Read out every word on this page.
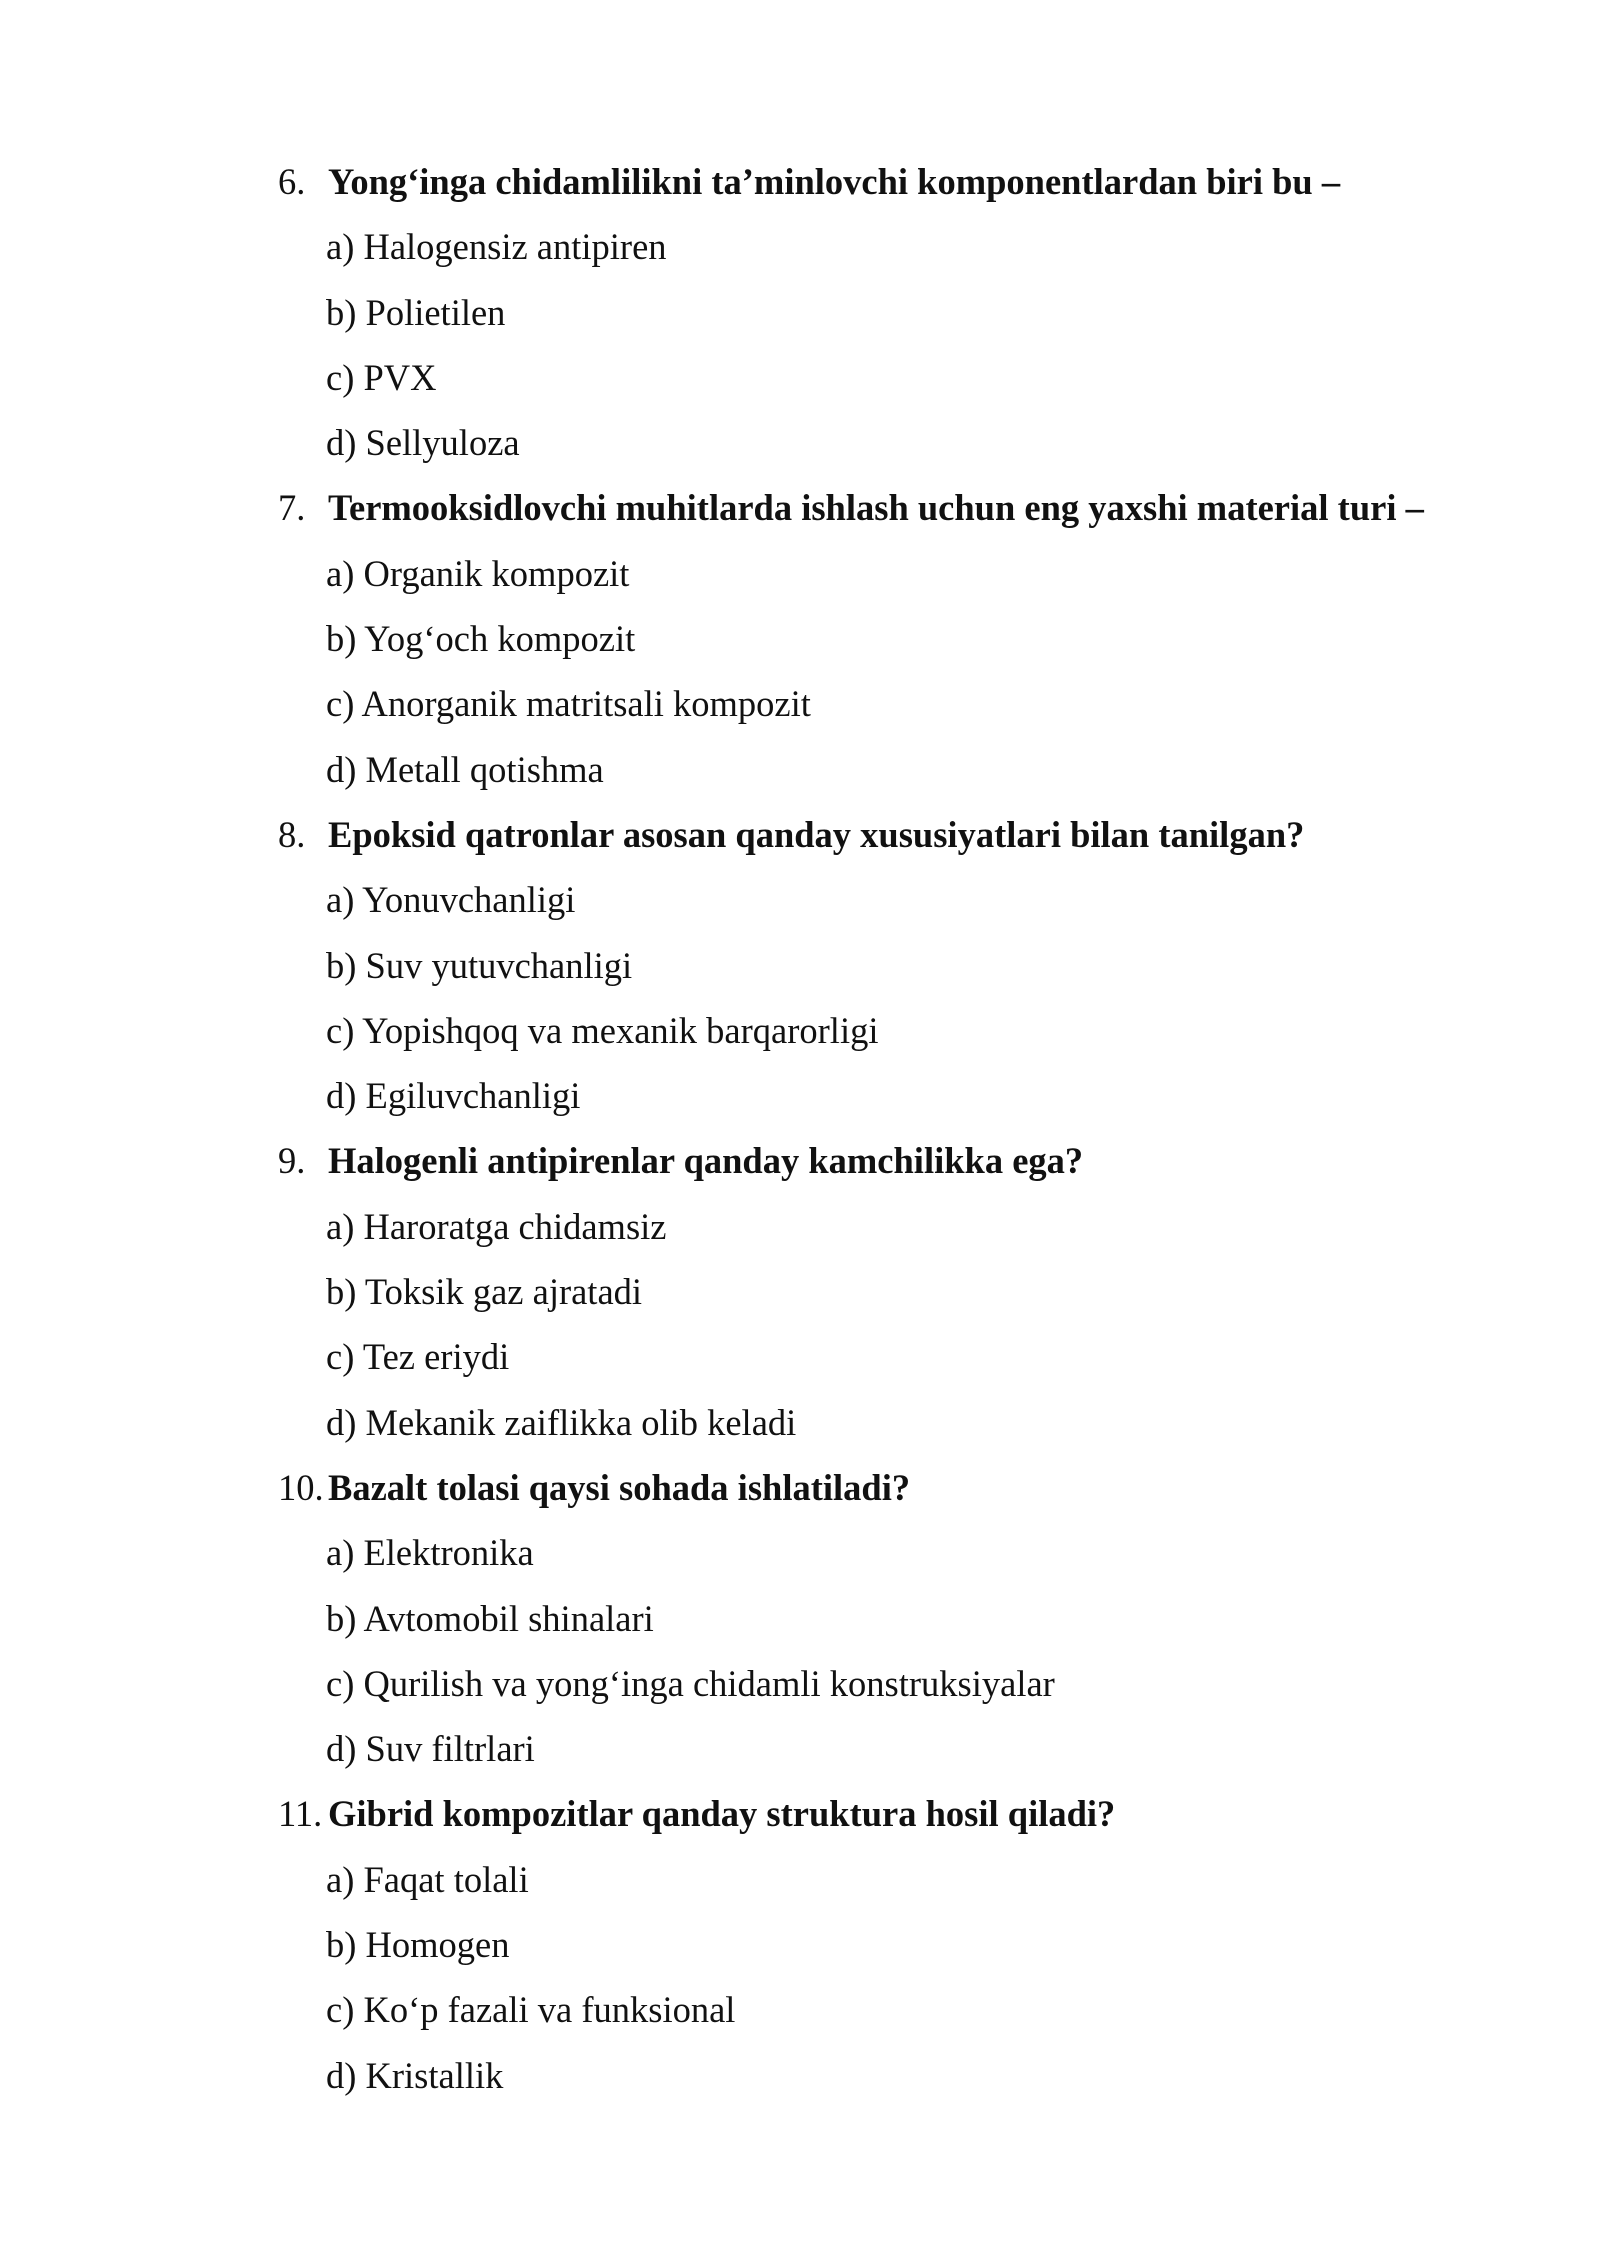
6. Yong‘inga chidamlilikni ta’minlovchi komponentlardan biri bu –
a) Halogensiz antipiren
b) Polietilen
c) PVX
d) Sellyuloza
7. Termooksidlovchi muhitlarda ishlash uchun eng yaxshi material turi –
a) Organik kompozit
b) Yog‘och kompozit
c) Anorganik matritsali kompozit
d) Metall qotishma
8. Epoksid qatronlar asosan qanday xususiyatlari bilan tanilgan?
a) Yonuvchanligi
b) Suv yutuvchanligi
c) Yopishqoq va mexanik barqarorligi
d) Egiluvchanligi
9. Halogenli antipirenlar qanday kamchilikka ega?
a) Haroratga chidamsiz
b) Toksik gaz ajratadi
c) Tez eriydi
d) Mekanik zaiflikka olib keladi
10. Bazalt tolasi qaysi sohada ishlatiladi?
a) Elektronika
b) Avtomobil shinalari
c) Qurilish va yong‘inga chidamli konstruksiyalar
d) Suv filtrlari
11. Gibrid kompozitlar qanday struktura hosil qiladi?
a) Faqat tolali
b) Homogen
c) Ko‘p fazali va funksional
d) Kristallik
